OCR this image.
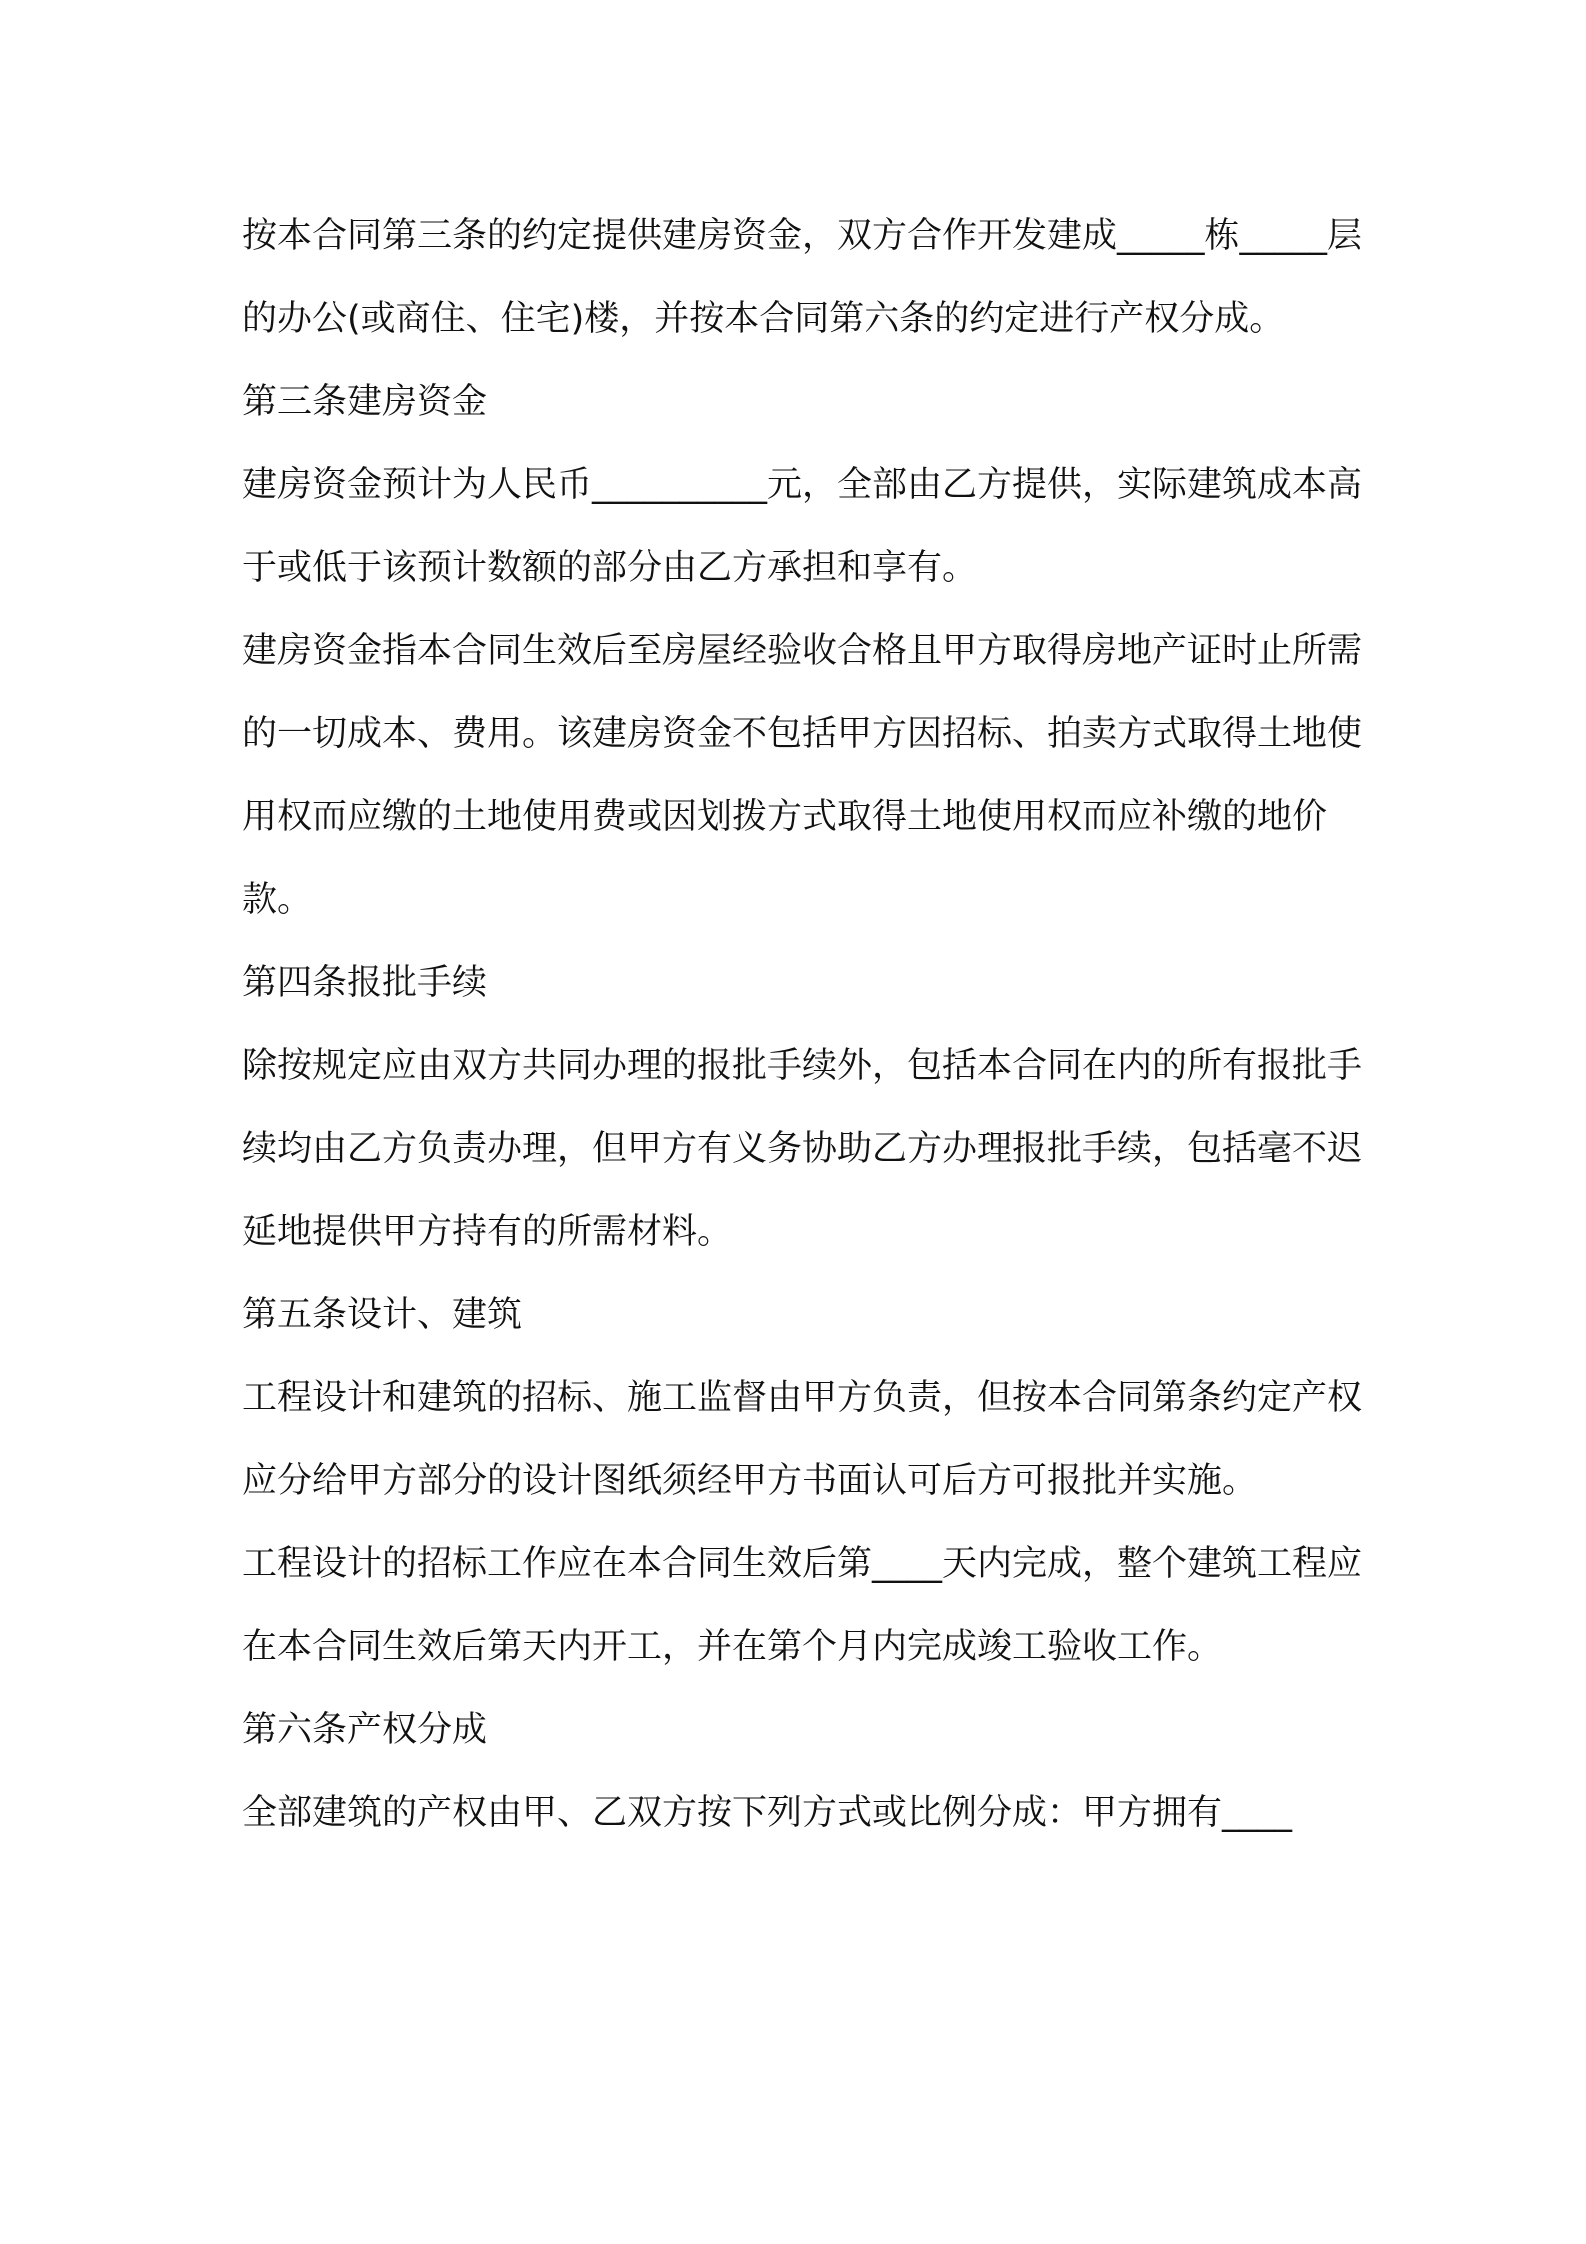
按本合同第三条的约定提供建房资金，双方合作开发建成_____栋_____层的办公(或商住、住宅)楼，并按本合同第六条的约定进行产权分成。

第三条建房资金

建房资金预计为人民币__________元，全部由乙方提供，实际建筑成本高于或低于该预计数额的部分由乙方承担和享有。

建房资金指本合同生效后至房屋经验收合格且甲方取得房地产证时止所需的一切成本、费用。该建房资金不包括甲方因招标、拍卖方式取得土地使用权而应缴的土地使用费或因划拨方式取得土地使用权而应补缴的地价款。

第四条报批手续

除按规定应由双方共同办理的报批手续外，包括本合同在内的所有报批手续均由乙方负责办理，但甲方有义务协助乙方办理报批手续，包括毫不迟延地提供甲方持有的所需材料。

第五条设计、建筑

工程设计和建筑的招标、施工监督由甲方负责，但按本合同第条约定产权应分给甲方部分的设计图纸须经甲方书面认可后方可报批并实施。

工程设计的招标工作应在本合同生效后第____天内完成，整个建筑工程应在本合同生效后第天内开工，并在第个月内完成竣工验收工作。

第六条产权分成

全部建筑的产权由甲、乙双方按下列方式或比例分成：甲方拥有____
